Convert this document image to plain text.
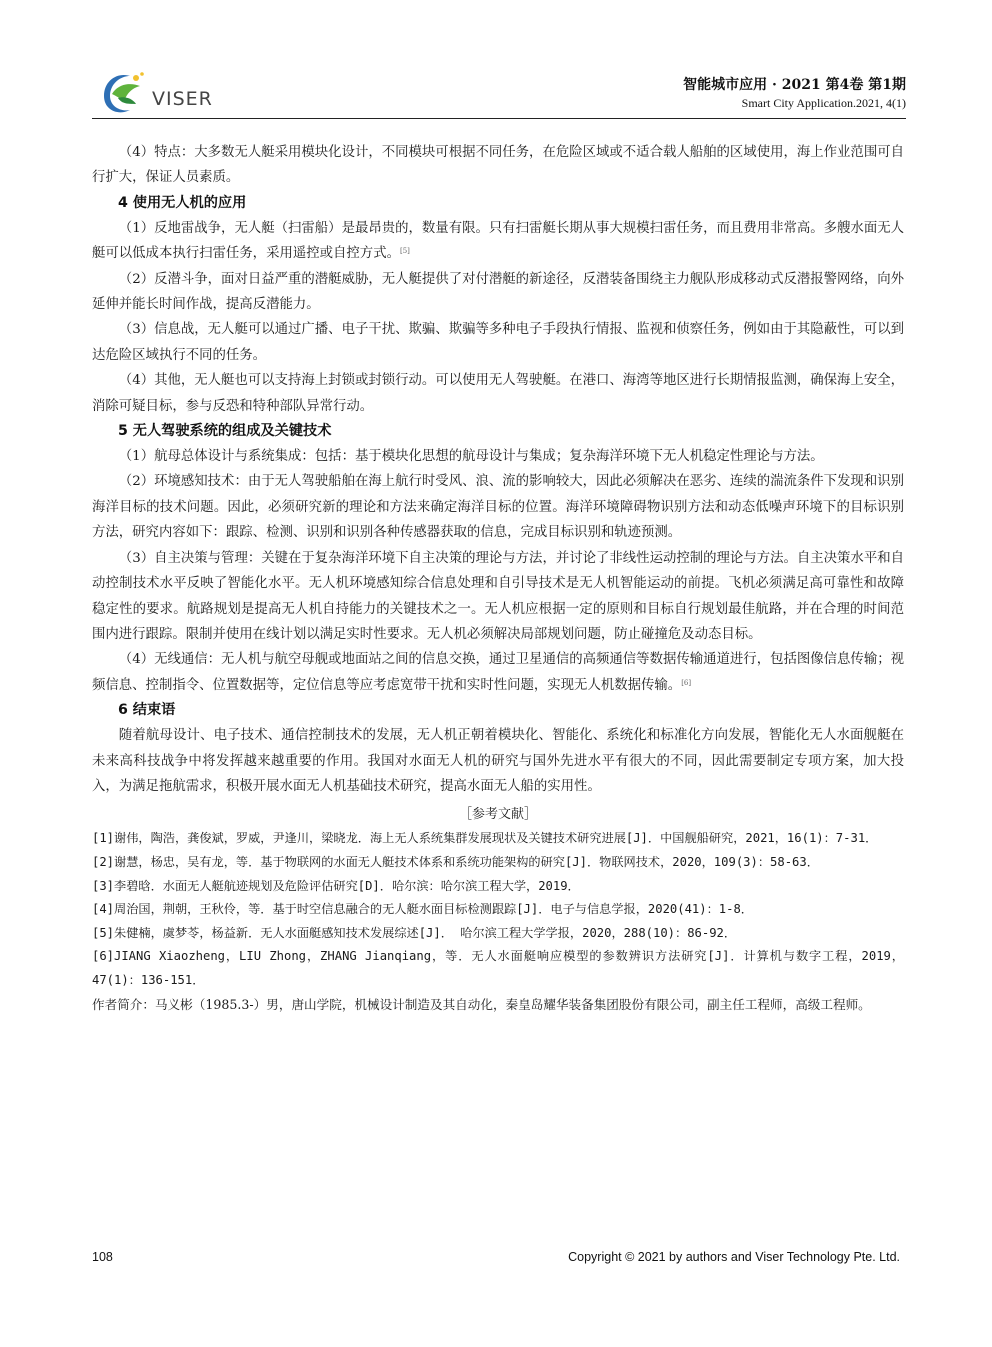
VISER
智能城市应用 · 2021 第4卷 第1期
Smart City Application.2021, 4(1)

（4）特点：大多数无人艇采用模块化设计，不同模块可根据不同任务，在危险区域或不适合载人船舶的区域使用，海上作业范围可自行扩大，保证人员素质。

4 使用无人机的应用

（1）反地雷战争，无人艇（扫雷船）是最昂贵的，数量有限。只有扫雷艇长期从事大规模扫雷任务，而且费用非常高。多艘水面无人艇可以低成本执行扫雷任务，采用遥控或自控方式。[5]

（2）反潜斗争，面对日益严重的潜艇威胁，无人艇提供了对付潜艇的新途径，反潜装备围绕主力舰队形成移动式反潜报警网络，向外延伸并能长时间作战，提高反潜能力。

（3）信息战，无人艇可以通过广播、电子干扰、欺骗、欺骗等多种电子手段执行情报、监视和侦察任务，例如由于其隐蔽性，可以到达危险区域执行不同的任务。

（4）其他，无人艇也可以支持海上封锁或封锁行动。可以使用无人驾驶艇。在港口、海湾等地区进行长期情报监测，确保海上安全，消除可疑目标，参与反恐和特种部队异常行动。

5 无人驾驶系统的组成及关键技术

（1）航母总体设计与系统集成：包括：基于模块化思想的航母设计与集成；复杂海洋环境下无人机稳定性理论与方法。

（2）环境感知技术：由于无人驾驶船舶在海上航行时受风、浪、流的影响较大，因此必须解决在恶劣、连续的湍流条件下发现和识别海洋目标的技术问题。因此，必须研究新的理论和方法来确定海洋目标的位置。海洋环境障碍物识别方法和动态低噪声环境下的目标识别方法，研究内容如下：跟踪、检测、识别和识别各种传感器获取的信息，完成目标识别和轨迹预测。

（3）自主决策与管理：关键在于复杂海洋环境下自主决策的理论与方法，并讨论了非线性运动控制的理论与方法。自主决策水平和自动控制技术水平反映了智能化水平。无人机环境感知综合信息处理和自引导技术是无人机智能运动的前提。飞机必须满足高可靠性和故障稳定性的要求。航路规划是提高无人机自持能力的关键技术之一。无人机应根据一定的原则和目标自行规划最佳航路，并在合理的时间范围内进行跟踪。限制并使用在线计划以满足实时性要求。无人机必须解决局部规划问题，防止碰撞危及动态目标。

（4）无线通信：无人机与航空母舰或地面站之间的信息交换，通过卫星通信的高频通信等数据传输通道进行，包括图像信息传输；视频信息、控制指令、位置数据等，定位信息等应考虑宽带干扰和实时性问题，实现无人机数据传输。[6]

6 结束语

随着航母设计、电子技术、通信控制技术的发展，无人机正朝着模块化、智能化、系统化和标准化方向发展，智能化无人水面舰艇在未来高科技战争中将发挥越来越重要的作用。我国对水面无人机的研究与国外先进水平有很大的不同，因此需要制定专项方案，加大投入，为满足拖航需求，积极开展水面无人机基础技术研究，提高水面无人船的实用性。

［参考文献］

[1]谢伟，陶浩，龚俊斌，罗威，尹逢川，梁晓龙．海上无人系统集群发展现状及关键技术研究进展[J]．中国舰船研究，2021，16(1)：7-31．

[2]谢慧，杨忠，吴有龙，等．基于物联网的水面无人艇技术体系和系统功能架构的研究[J]．物联网技术，2020，109(3)：58-63．

[3]李碧晗．水面无人艇航迹规划及危险评估研究[D]．哈尔滨：哈尔滨工程大学，2019．

[4]周治国，荆朝，王秋伶，等．基于时空信息融合的无人艇水面目标检测跟踪[J]．电子与信息学报，2020(41)：1-8．

[5]朱健楠，虞梦苓，杨益新．无人水面艇感知技术发展综述[J]． 哈尔滨工程大学学报，2020，288(10)：86-92．

[6]JIANG Xiaozheng，LIU Zhong，ZHANG Jianqiang，等．无人水面艇响应模型的参数辨识方法研究[J]．计算机与数字工程，2019，47(1)：136-151．

作者简介：马义彬（1985.3-）男，唐山学院，机械设计制造及其自动化，秦皇岛耀华装备集团股份有限公司，副主任工程师，高级工程师。

108	Copyright © 2021 by authors and Viser Technology Pte. Ltd.
